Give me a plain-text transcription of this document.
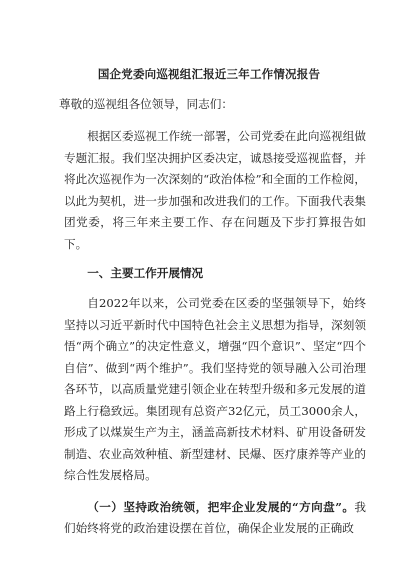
国企党委向巡视组汇报近三年工作情况报告
尊敬的巡视组各位领导，同志们：

根据区委巡视工作统一部署，公司党委在此向巡视组做专题汇报。我们坚决拥护区委决定，诚恳接受巡视监督，并将此次巡视作为一次深刻的“政治体检”和全面的工作检阅，以此为契机，进一步加强和改进我们的工作。下面我代表集团党委，将三年来主要工作、存在问题及下步打算报告如下。

一、主要工作开展情况

自2022年以来，公司党委在区委的坚强领导下，始终坚持以习近平新时代中国特色社会主义思想为指导，深刻领悟“两个确立”的决定性意义，增强“四个意识”、坚定“四个自信”、做到“两个维护”。我们坚持党的领导融入公司治理各环节，以高质量党建引领企业在转型升级和多元发展的道路上行稳致远。集团现有总资产32亿元，员工3000余人，形成了以煤炭生产为主，涵盖高新技术材料、矿用设备研发制造、农业高效种植、新型建材、民爆、医疗康养等产业的综合性发展格局。

（一）坚持政治统领，把牢企业发展的“方向盘”。我们始终将党的政治建设摆在首位，确保企业发展的正确政
